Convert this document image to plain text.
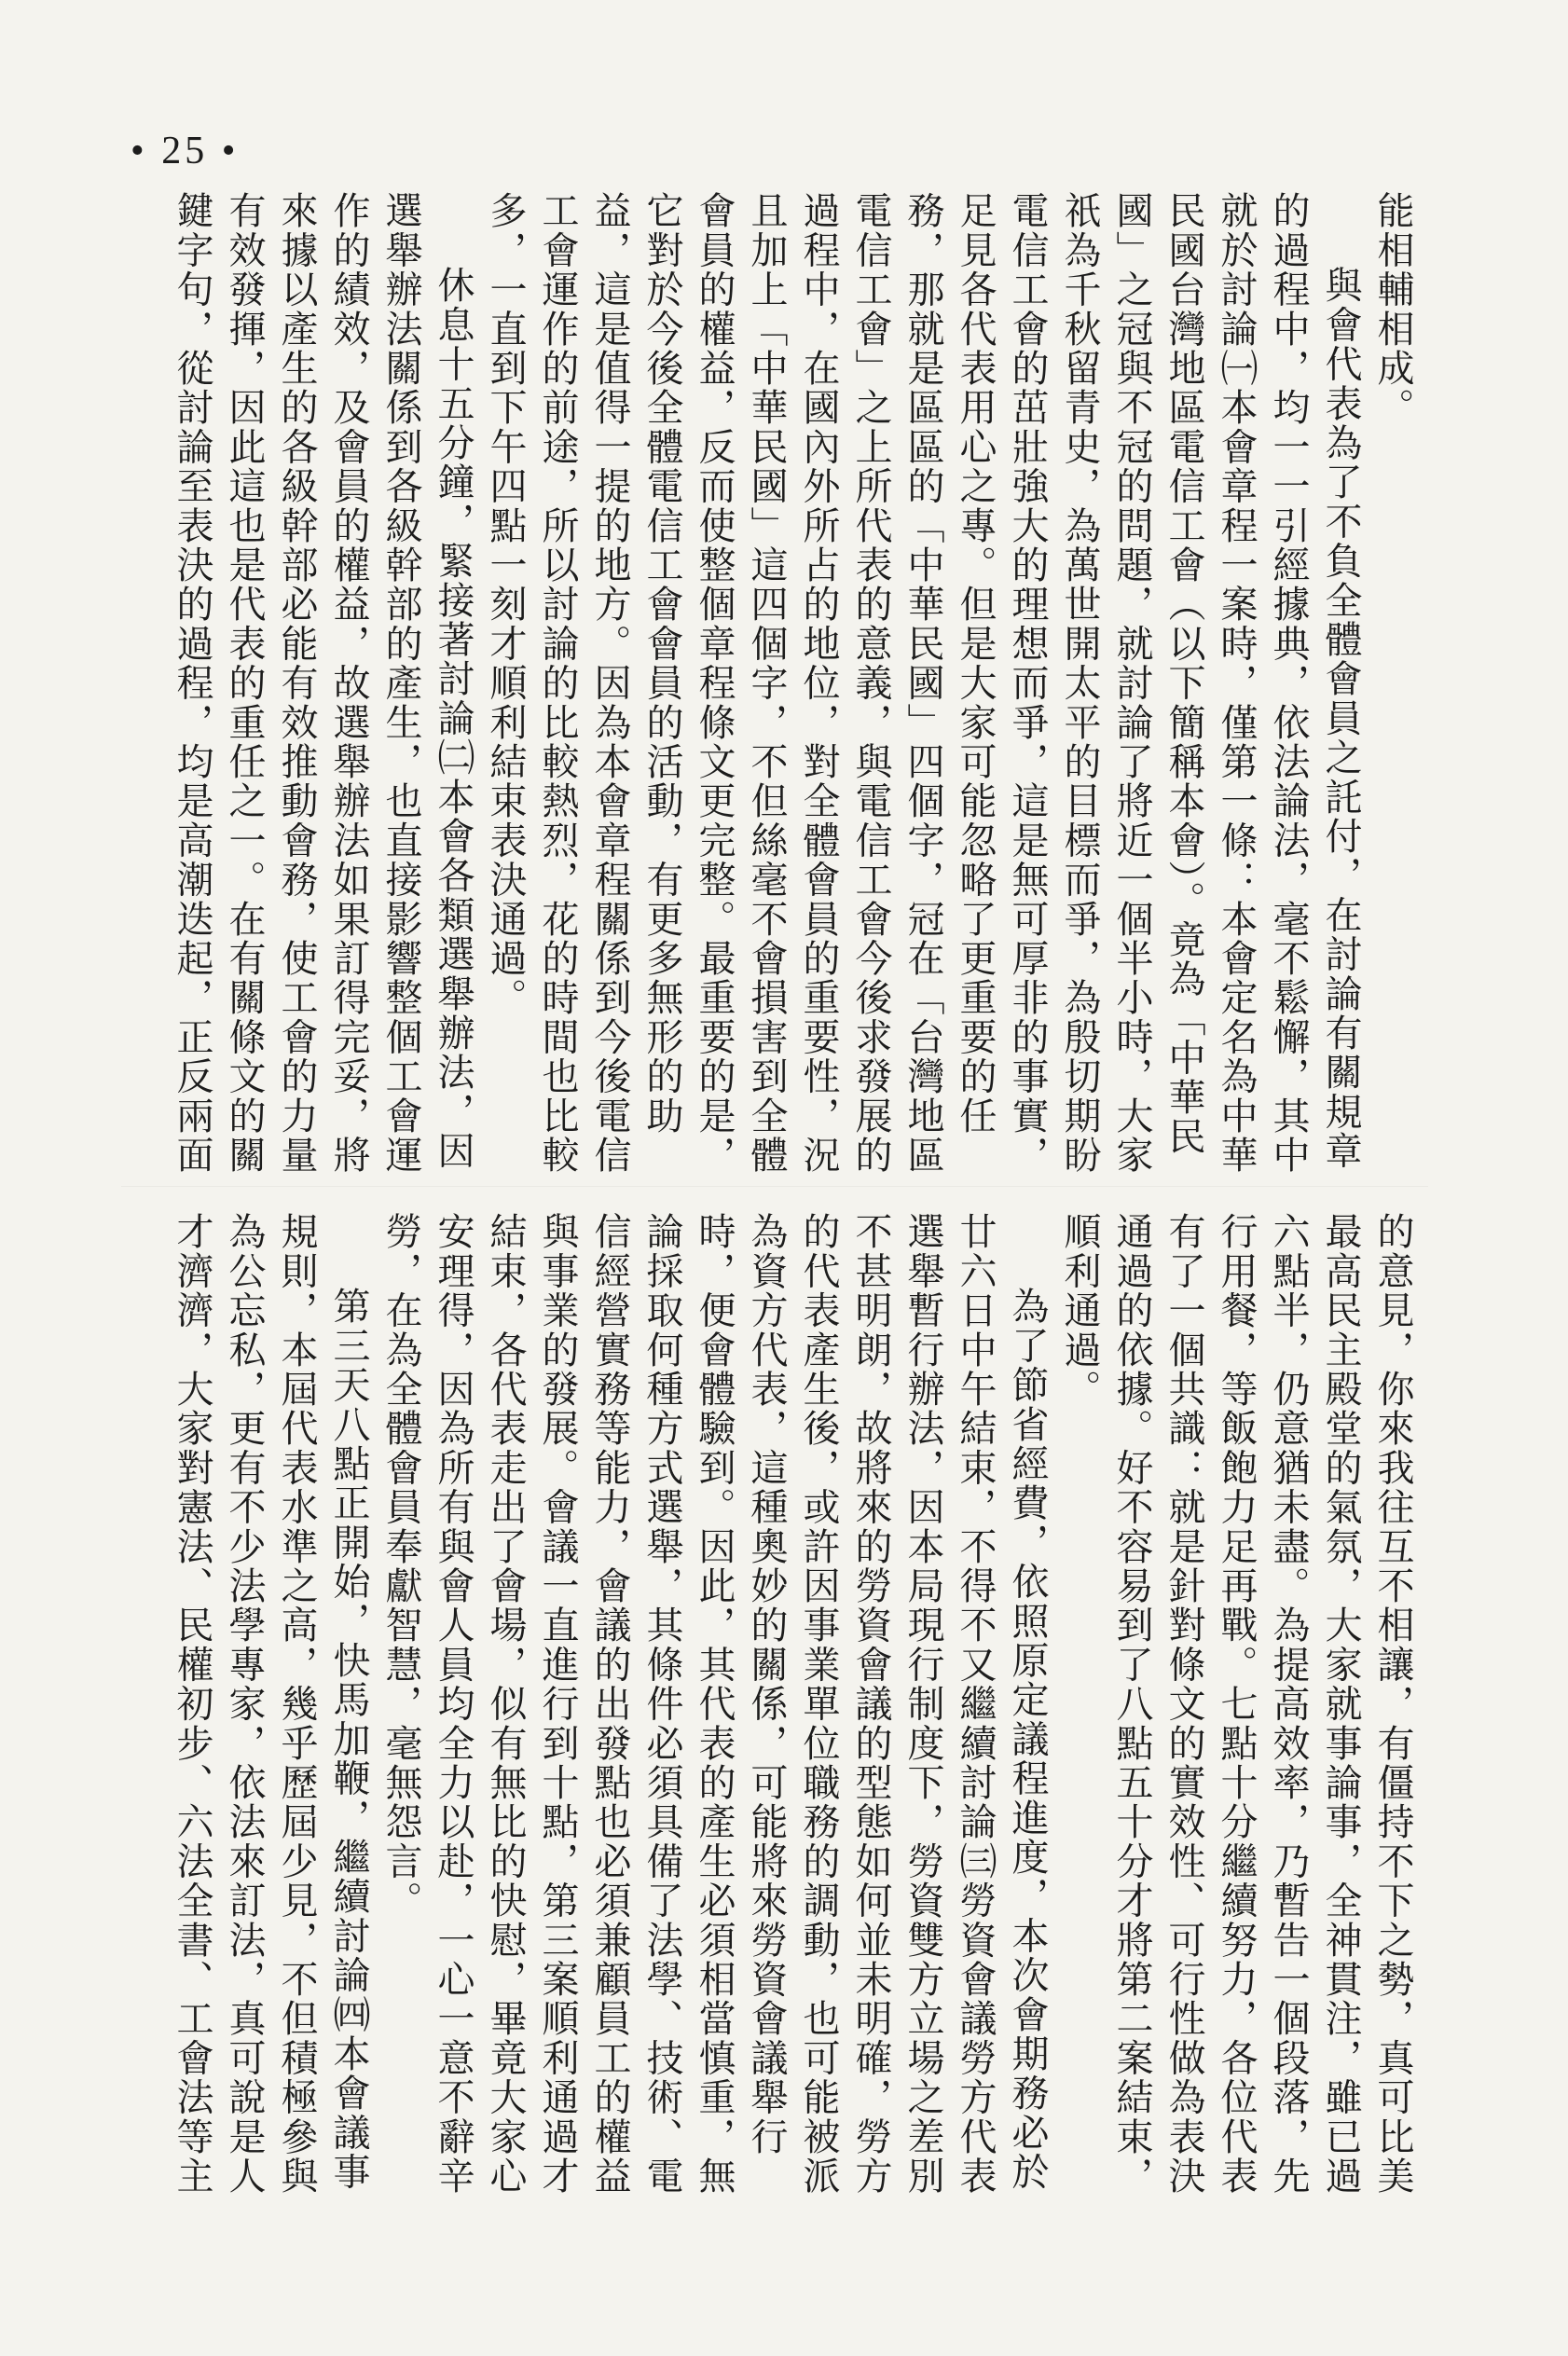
• 25 •

能相輔相成。

與會代表為了不負全體會員之託付，在討論有關規章的過程中，均一一引經據典，依法論法，毫不鬆懈，其中就於討論㈠本會章程一案時，僅第一條：本會定名為中華民國台灣地區電信工會（以下簡稱本會）。竟為「中華民國」之冠與不冠的問題，就討論了將近一個半小時，大家祇為千秋留青史，為萬世開太平的目標而爭，為殷切期盼電信工會的茁壯強大的理想而爭，這是無可厚非的事實，足見各代表用心之專。但是大家可能忽略了更重要的任務，那就是區區的「中華民國」四個字，冠在「台灣地區電信工會」之上所代表的意義，與電信工會今後求發展的過程中，在國內外所占的地位，對全體會員的重要性，況且加上「中華民國」這四個字，不但絲毫不會損害到全體會員的權益，反而使整個章程條文更完整。最重要的是，它對於今後全體電信工會會員的活動，有更多無形的助益，這是值得一提的地方。因為本會章程關係到今後電信工會運作的前途，所以討論的比較熱烈，花的時間也比較多，一直到下午四點一刻才順利結束表決通過。

休息十五分鐘，緊接著討論㈡本會各類選舉辦法，因選舉辦法關係到各級幹部的產生，也直接影響整個工會運作的績效，及會員的權益，故選舉辦法如果訂得完妥，將來據以產生的各級幹部必能有效推動會務，使工會的力量有效發揮，因此這也是代表的重任之一。在有關條文的關鍵字句，從討論至表決的過程，均是高潮迭起，正反兩面

的意見，你來我往互不相讓，有僵持不下之勢，真可比美最高民主殿堂的氣氛，大家就事論事，全神貫注，雖已過六點半，仍意猶未盡。為提高效率，乃暫告一個段落，先行用餐，等飯飽力足再戰。七點十分繼續努力，各位代表有了一個共識：就是針對條文的實效性、可行性做為表決通過的依據。好不容易到了八點五十分才將第二案結束，順利通過。

為了節省經費，依照原定議程進度，本次會期務必於廿六日中午結束，不得不又繼續討論㈢勞資會議勞方代表選舉暫行辦法，因本局現行制度下，勞資雙方立場之差別不甚明朗，故將來的勞資會議的型態如何並未明確，勞方的代表產生後，或許因事業單位職務的調動，也可能被派為資方代表，這種奧妙的關係，可能將來勞資會議舉行時，便會體驗到。因此，其代表的產生必須相當慎重，無論採取何種方式選舉，其條件必須具備了法學、技術、電信經營實務等能力，會議的出發點也必須兼顧員工的權益與事業的發展。會議一直進行到十點，第三案順利通過才結束，各代表走出了會場，似有無比的快慰，畢竟大家心安理得，因為所有與會人員均全力以赴，一心一意不辭辛勞，在為全體會員奉獻智慧，毫無怨言。

第三天八點正開始，快馬加鞭，繼續討論㈣本會議事規則，本屆代表水準之高，幾乎歷屆少見，不但積極參與為公忘私，更有不少法學專家，依法來訂法，真可說是人才濟濟，大家對憲法、民權初步、六法全書、工會法等主
